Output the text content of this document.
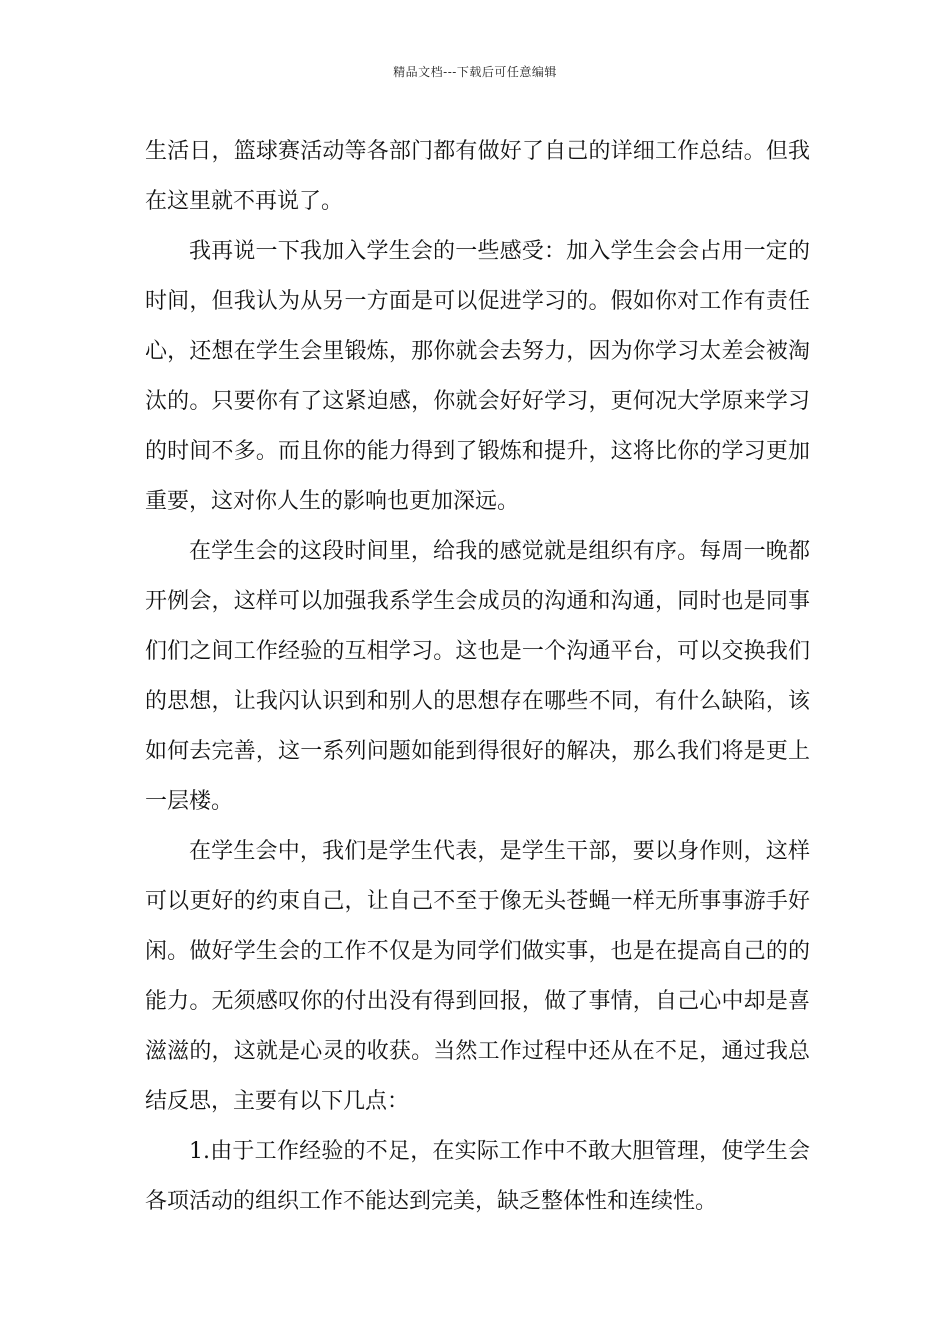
精品文档---下载后可任意编辑

生活日，篮球赛活动等各部门都有做好了自己的详细工作总结。但我在这里就不再说了。

我再说一下我加入学生会的一些感受：加入学生会会占用一定的时间，但我认为从另一方面是可以促进学习的。假如你对工作有责任心，还想在学生会里锻炼，那你就会去努力，因为你学习太差会被淘汰的。只要你有了这紧迫感，你就会好好学习，更何况大学原来学习的时间不多。而且你的能力得到了锻炼和提升，这将比你的学习更加重要，这对你人生的影响也更加深远。

在学生会的这段时间里，给我的感觉就是组织有序。每周一晚都开例会，这样可以加强我系学生会成员的沟通和沟通，同时也是同事们们之间工作经验的互相学习。这也是一个沟通平台，可以交换我们的思想，让我闪认识到和别人的思想存在哪些不同，有什么缺陷，该如何去完善，这一系列问题如能到得很好的解决，那么我们将是更上一层楼。

在学生会中，我们是学生代表，是学生干部，要以身作则，这样可以更好的约束自己，让自己不至于像无头苍蝇一样无所事事游手好闲。做好学生会的工作不仅是为同学们做实事，也是在提高自己的的能力。无须感叹你的付出没有得到回报，做了事情，自己心中却是喜滋滋的，这就是心灵的收获。当然工作过程中还从在不足，通过我总结反思，主要有以下几点：

1.由于工作经验的不足，在实际工作中不敢大胆管理，使学生会各项活动的组织工作不能达到完美，缺乏整体性和连续性。
